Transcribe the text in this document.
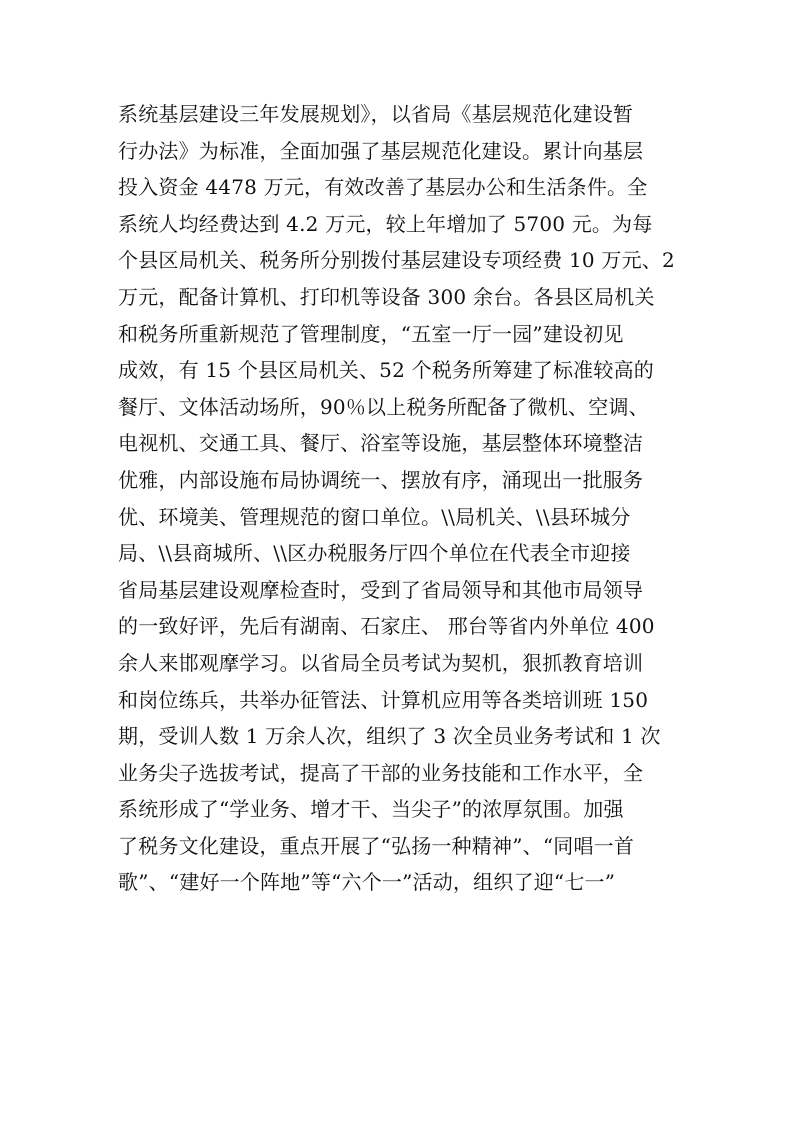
系统基层建设三年发展规划》，以省局《基层规范化建设暂
行办法》为标准，全面加强了基层规范化建设。累计向基层
投入资金 4478 万元，有效改善了基层办公和生活条件。全
系统人均经费达到 4.2 万元，较上年增加了 5700 元。为每
个县区局机关、税务所分别拨付基层建设专项经费 10 万元、2
万元，配备计算机、打印机等设备 300 余台。各县区局机关
和税务所重新规范了管理制度，“五室一厅一园”建设初见
成效，有 15 个县区局机关、52 个税务所筹建了标准较高的
餐厅、文体活动场所，90％以上税务所配备了微机、空调、
电视机、交通工具、餐厅、浴室等设施，基层整体环境整洁
优雅，内部设施布局协调统一、摆放有序，涌现出一批服务
优、环境美、管理规范的窗口单位。\\局机关、\\县环城分
局、\\县商城所、\\区办税服务厅四个单位在代表全市迎接
省局基层建设观摩检查时，受到了省局领导和其他市局领导
的一致好评，先后有湖南、石家庄、 邢台等省内外单位 400
余人来邯观摩学习。以省局全员考试为契机，狠抓教育培训
和岗位练兵，共举办征管法、计算机应用等各类培训班 150
期，受训人数 1 万余人次，组织了 3 次全员业务考试和 1 次
业务尖子选拔考试，提高了干部的业务技能和工作水平，全
系统形成了“学业务、增才干、当尖子”的浓厚氛围。加强
了税务文化建设，重点开展了“弘扬一种精神”、“同唱一首
歌”、“建好一个阵地”等“六个一”活动，组织了迎“七一”
